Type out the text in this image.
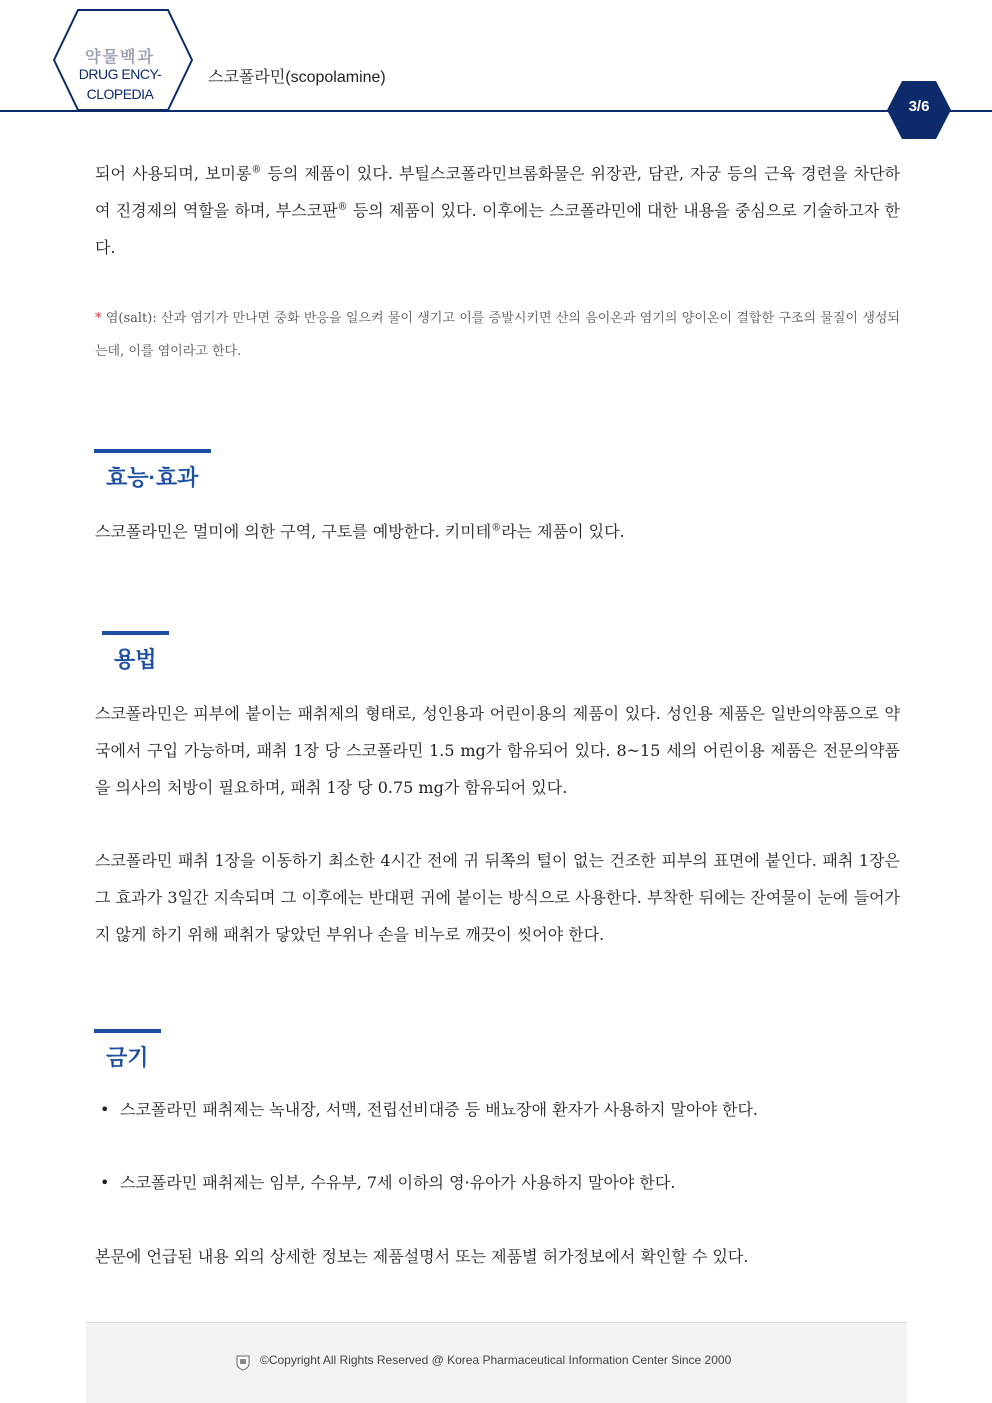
약물백과
DRUG ENCY-
CLOPEDIA
스코폴라민(scopolamine)
3/6

되어 사용되며, 보미롱® 등의 제품이 있다. 부틸스코폴라민브롬화물은 위장관, 담관, 자궁 등의 근육 경련을 차단하여 진경제의 역할을 하며, 부스코판® 등의 제품이 있다. 이후에는 스코폴라민에 대한 내용을 중심으로 기술하고자 한다.

* 염(salt): 산과 염기가 만나면 중화 반응을 일으켜 물이 생기고 이를 증발시키면 산의 음이온과 염기의 양이온이 결합한 구조의 물질이 생성되는데, 이를 염이라고 한다.

효능·효과

스코폴라민은 멀미에 의한 구역, 구토를 예방한다. 키미테®라는 제품이 있다.

용법

스코폴라민은 피부에 붙이는 패취제의 형태로, 성인용과 어린이용의 제품이 있다. 성인용 제품은 일반의약품으로 약국에서 구입 가능하며, 패취 1장 당 스코폴라민 1.5 mg가 함유되어 있다. 8~15 세의 어린이용 제품은 전문의약품을 의사의 처방이 필요하며, 패취 1장 당 0.75 mg가 함유되어 있다.

스코폴라민 패취 1장을 이동하기 최소한 4시간 전에 귀 뒤쪽의 털이 없는 건조한 피부의 표면에 붙인다. 패취 1장은 그 효과가 3일간 지속되며 그 이후에는 반대편 귀에 붙이는 방식으로 사용한다. 부착한 뒤에는 잔여물이 눈에 들어가지 않게 하기 위해 패취가 닿았던 부위나 손을 비누로 깨끗이 씻어야 한다.

금기

• 스코폴라민 패취제는 녹내장, 서맥, 전립선비대증 등 배뇨장애 환자가 사용하지 말아야 한다.

• 스코폴라민 패취제는 임부, 수유부, 7세 이하의 영·유아가 사용하지 말아야 한다.

본문에 언급된 내용 외의 상세한 정보는 제품설명서 또는 제품별 허가정보에서 확인할 수 있다.

©Copyright All Rights Reserved @ Korea Pharmaceutical Information Center Since 2000
